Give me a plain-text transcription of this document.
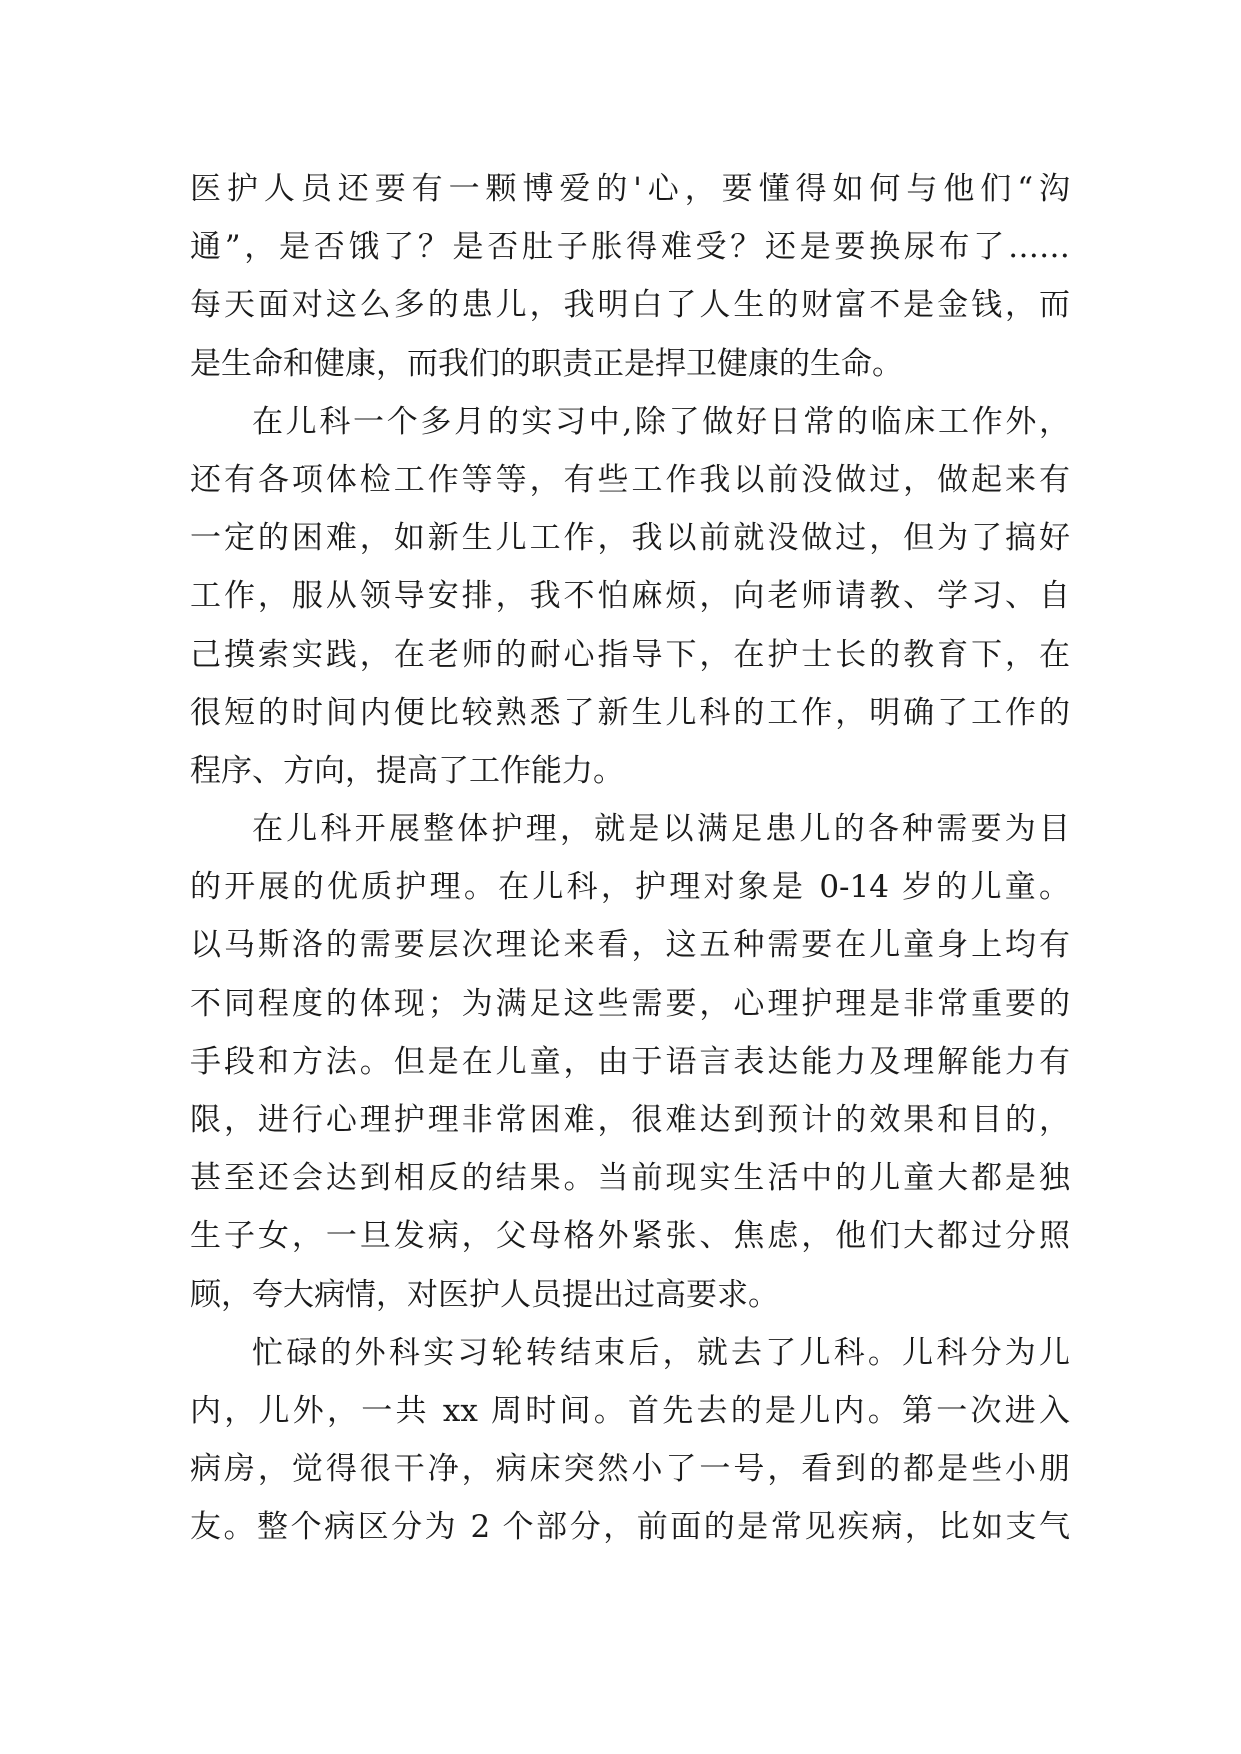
医护人员还要有一颗博爱的'心，要懂得如何与他们“沟
通”，是否饿了？是否肚子胀得难受？还是要换尿布了……
每天面对这么多的患儿，我明白了人生的财富不是金钱，而
是生命和健康，而我们的职责正是捍卫健康的生命。
在儿科一个多月的实习中,除了做好日常的临床工作外，
还有各项体检工作等等，有些工作我以前没做过，做起来有
一定的困难，如新生儿工作，我以前就没做过，但为了搞好
工作，服从领导安排，我不怕麻烦，向老师请教、学习、自
己摸索实践，在老师的耐心指导下，在护士长的教育下，在
很短的时间内便比较熟悉了新生儿科的工作，明确了工作的
程序、方向，提高了工作能力。
在儿科开展整体护理，就是以满足患儿的各种需要为目
的开展的优质护理。在儿科，护理对象是 0-14 岁的儿童。
以马斯洛的需要层次理论来看，这五种需要在儿童身上均有
不同程度的体现；为满足这些需要，心理护理是非常重要的
手段和方法。但是在儿童，由于语言表达能力及理解能力有
限，进行心理护理非常困难，很难达到预计的效果和目的，
甚至还会达到相反的结果。当前现实生活中的儿童大都是独
生子女，一旦发病，父母格外紧张、焦虑，他们大都过分照
顾，夸大病情，对医护人员提出过高要求。
忙碌的外科实习轮转结束后，就去了儿科。儿科分为儿
内，儿外，一共 xx 周时间。首先去的是儿内。第一次进入
病房，觉得很干净，病床突然小了一号，看到的都是些小朋
友。整个病区分为 2 个部分，前面的是常见疾病，比如支气
